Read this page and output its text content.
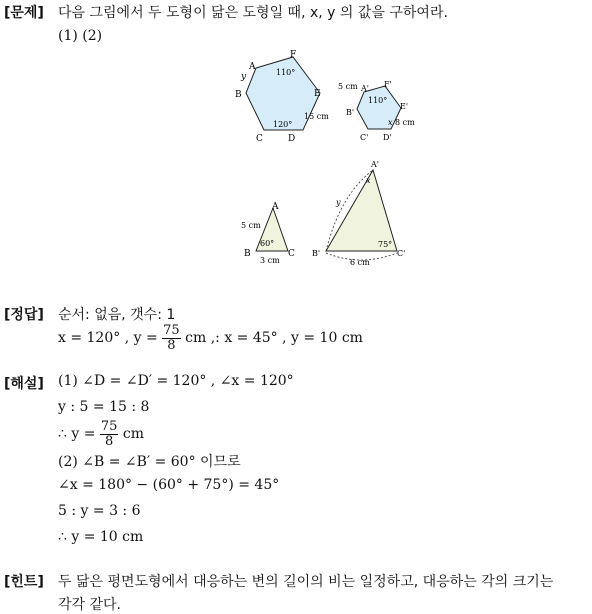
[문제] 다음 그림에서 두 도형이 닮은 도형일 때, x, y 의 값을 구하여라.
(1) (2)
A
F
B	E
C	D
y	110°
120°
15 cm
5 cm A' F'
B'
E'
C' D'
110°
x 8 cm
A
B	C
60°
5 cm
3 cm
A'
B'	C'
x
y
75°
6 cm
[정답] 순서: 없음, 갯수: 1
x = 120° , $y = \frac{75}{8}$ cm ,: x = 45° , y = 10 cm
[해설] (1) ∠D = ∠D′ = 120° , ∠x = 120°
y : 5 = 15 : 8
∴ $y = \frac{75}{8}$ cm
(2) ∠B = ∠B′ = 60° 이므로
∠x = 180° − (60° + 75°) = 45°
5 : y = 3 : 6
∴ y = 10 cm
[힌트] 두 닮은 평면도형에서 대응하는 변의 길이의 비는 일정하고, 대응하는 각의 크기는
각각 같다.
